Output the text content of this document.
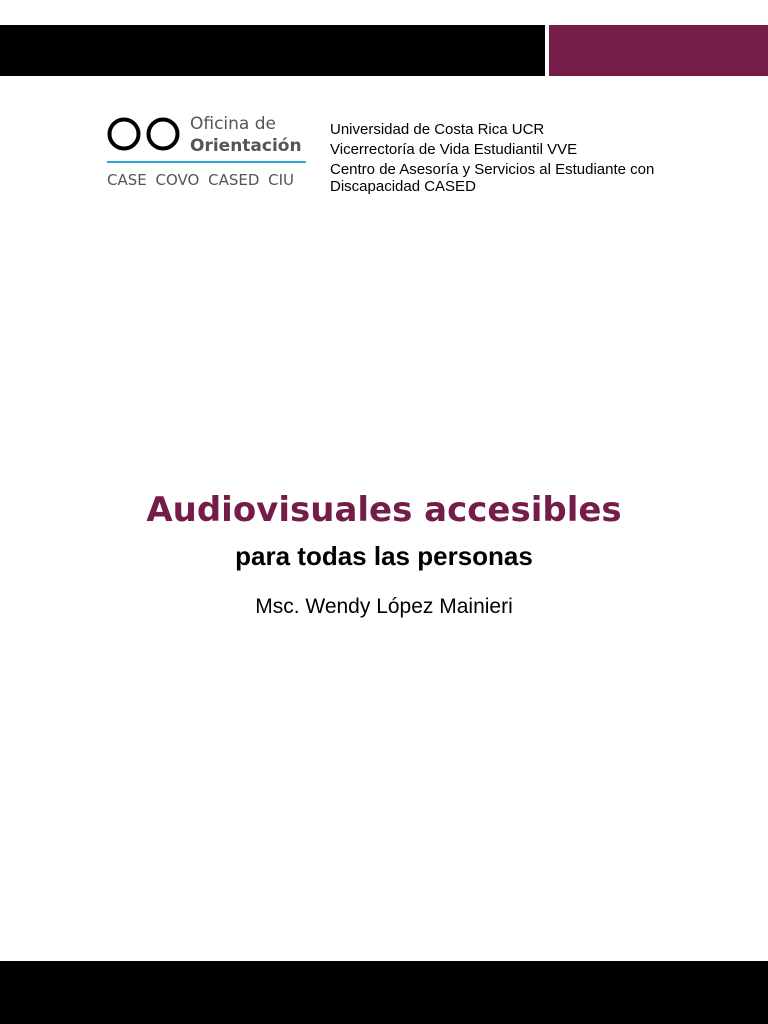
Oficina de
Orientación
CASE COVO CASED CIU
Universidad de Costa Rica UCR
Vicerrectoría de Vida Estudiantil VVE
Centro de Asesoría y Servicios al Estudiante con
Discapacidad CASED
Audiovisuales accesibles
para todas las personas
Msc. Wendy López Mainieri
